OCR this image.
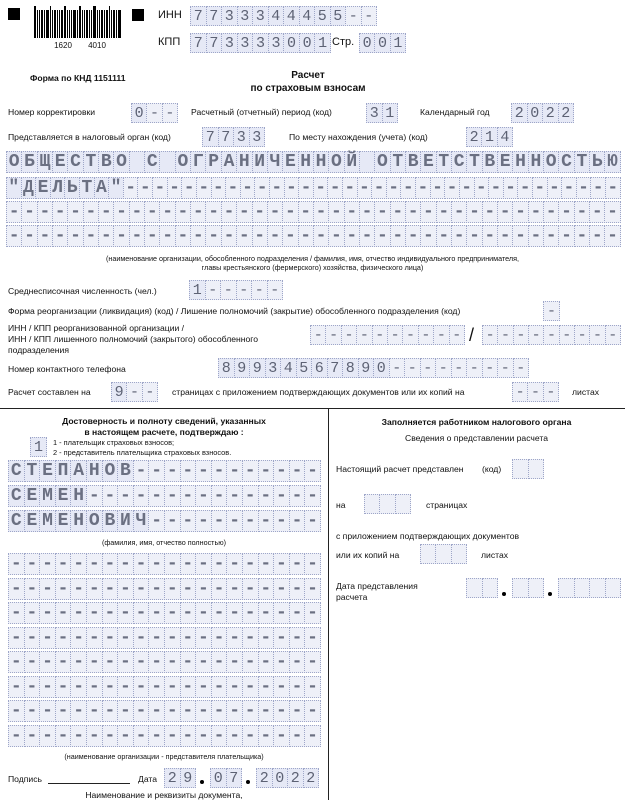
1620	4010
ИНН 7 7 3 3 3 4 4 4 5 5 - -
КПП 7 7 3 3 3 3 0 0 1 Стр. 0 0 1
Форма по КНД 1151111	Расчет
по страховым взносам
Номер корректировки	0 - -	Расчетный (отчетный) период (код)	3 1	Календарный год 2 0 2 2
Представляется в налоговый орган (код) 7 7 3 3	По месту нахождения (учета) (код)	2 1 4
О Б Щ Е С Т В О С О Г Р А Н И Ч Е Н Н О Й О Т В Е Т С Т В Е Н Н О С Т Ь Ю
" Д Е Л Ь Т А " - - - - - - - - - - - - - - - - - - - - - - - - - - - - - - - - - -
- - - - - - - - - - - - - - - - - - - - - - - - - - - - - - - - - - - - - - - -
- - - - - - - - - - - - - - - - - - - - - - - - - - - - - - - - - - - - - - - -
(наименование организации, обособленного подразделения / фамилия, имя, отчество индивидуального предпринимателя,
главы крестьянского (фермерского) хозяйства, физического лица)
Среднесписочная численность (чел.) 1 - - - - -
Форма реорганизации (ликвидация) (код) / Лишение полномочий (закрытие) обособленного подразделения (код)	-
ИНН / КПП реорганизованной организации /
ИНН / КПП лишенного полномочий (закрытого) обособленного
подразделения
- - - - - - - - - - / - - - - - - - - -
Номер контактного телефона	8 9 9 3 4 5 6 7 8 9 0 - - - - - - - - -
Расчет составлен на 9 - -	страницах с приложением подтверждающих документов или их копий на	- - -	листах
Достоверность и полноту сведений, указанных
в настоящем расчете, подтверждаю :
1	1 - плательщик страховых взносов;
2 - представитель плательщика страховых взносов.
С Т Е П А Н О В - - - - - - - - - - - -
С Е М Е Н - - - - - - - - - - - - - - -
С Е М Е Н О В И Ч - - - - - - - - - - -
(фамилия, имя, отчество полностью)
- - - - - - - - - - - - - - - - - - - -
- - - - - - - - - - - - - - - - - - - -
- - - - - - - - - - - - - - - - - - - -
- - - - - - - - - - - - - - - - - - - -
- - - - - - - - - - - - - - - - - - - -
- - - - - - - - - - - - - - - - - - - -
- - - - - - - - - - - - - - - - - - - -
- - - - - - - - - - - - - - - - - - - -
(наименование организации - представителя плательщика)
Подпись	Дата 2 9 0 7 2 0 2 2
Наименование и реквизиты документа,
Заполняется работником налогового органа
Сведения о представлении расчета
Настоящий расчет представлен (код)
на	страницах
с приложением подтверждающих документов
или их копий на	листах
Дата представления
расчета
